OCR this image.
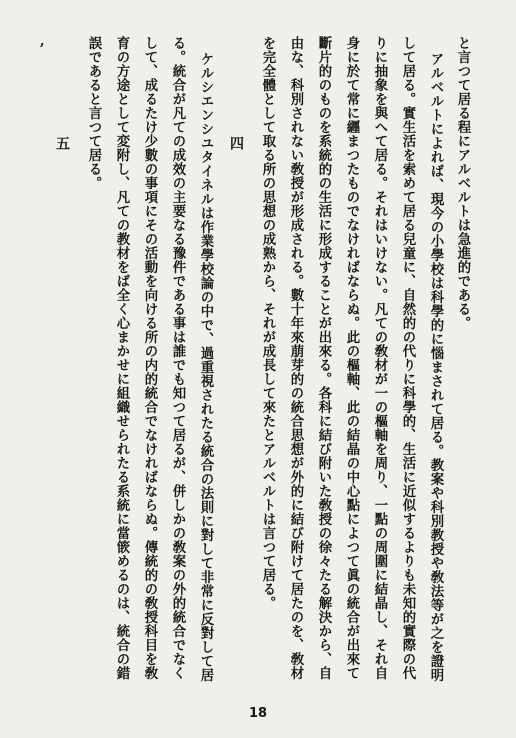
と言つて居る程にアルベルトは急進的である。
アルベルトによれば、現今の小學校は科學的に惱まされて居る。教案や科別教授や敎法等が之を證明
して居る。實生活を索めて居る兒童に、自然的の代りに科學的、生活に近似するよりも未知的實際の代
りに抽象を與へて居る。それはいけない。凡ての敎材が一の樞軸を周り、一點の周圍に結晶し、それ自
身に於て常に纒まつたものでなければならぬ。此の樞軸、此の結晶の中心點によつて眞の統合が出來て
斷片的のものを系統的の生活に形成することが出來る。各科に結び附いた敎授の徐々たる解決から、自
由な、科別されない敎授が形成される。數十年來萠芽的の統合思想が外的に結び附けて居たのを、敎材
を完全體として取る所の思想の成熟から、それが成長して來たとアルベルトは言つて居る。
四
ケルシエンシユタイネルは作業學校論の中で、過重視されたる統合の法則に對して非常に反對して居
る。統合が凡ての成效の主要なる豫件である事は誰でも知つて居るが、併しかの敎案の外的統合でなく
して、成るたけ少數の事項にその活動を向ける所の内的統合でなければならぬ。傳統的の敎授科目を敎
育の方途として変附し、凡ての教材をば全く心まかせに組織せられたる系統に當篏めるのは、統合の錯
誤であると言つて居る。
五
,
18
